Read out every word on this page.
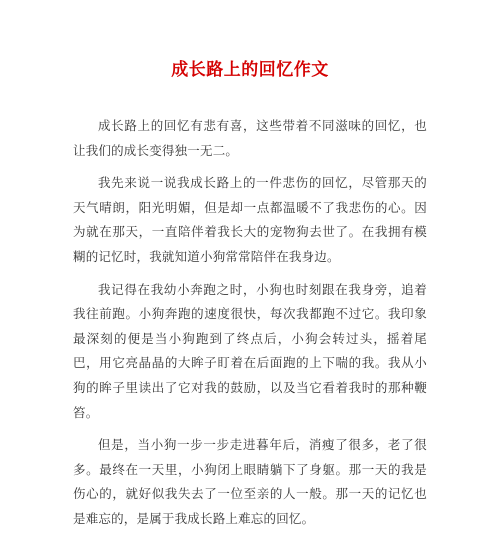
成长路上的回忆作文

成长路上的回忆有悲有喜，这些带着不同滋味的回忆，也让我们的成长变得独一无二。

我先来说一说我成长路上的一件悲伤的回忆，尽管那天的天气晴朗，阳光明媚，但是却一点都温暖不了我悲伤的心。因为就在那天，一直陪伴着我长大的宠物狗去世了。在我拥有模糊的记忆时，我就知道小狗常常陪伴在我身边。

我记得在我幼小奔跑之时，小狗也时刻跟在我身旁，追着我往前跑。小狗奔跑的速度很快，每次我都跑不过它。我印象最深刻的便是当小狗跑到了终点后，小狗会转过头，摇着尾巴，用它亮晶晶的大眸子盯着在后面跑的上下喘的我。我从小狗的眸子里读出了它对我的鼓励，以及当它看着我时的那种鞭笞。

但是，当小狗一步一步走进暮年后，消瘦了很多，老了很多。最终在一天里，小狗闭上眼睛躺下了身躯。那一天的我是伤心的，就好似我失去了一位至亲的人一般。那一天的记忆也是难忘的，是属于我成长路上难忘的回忆。
